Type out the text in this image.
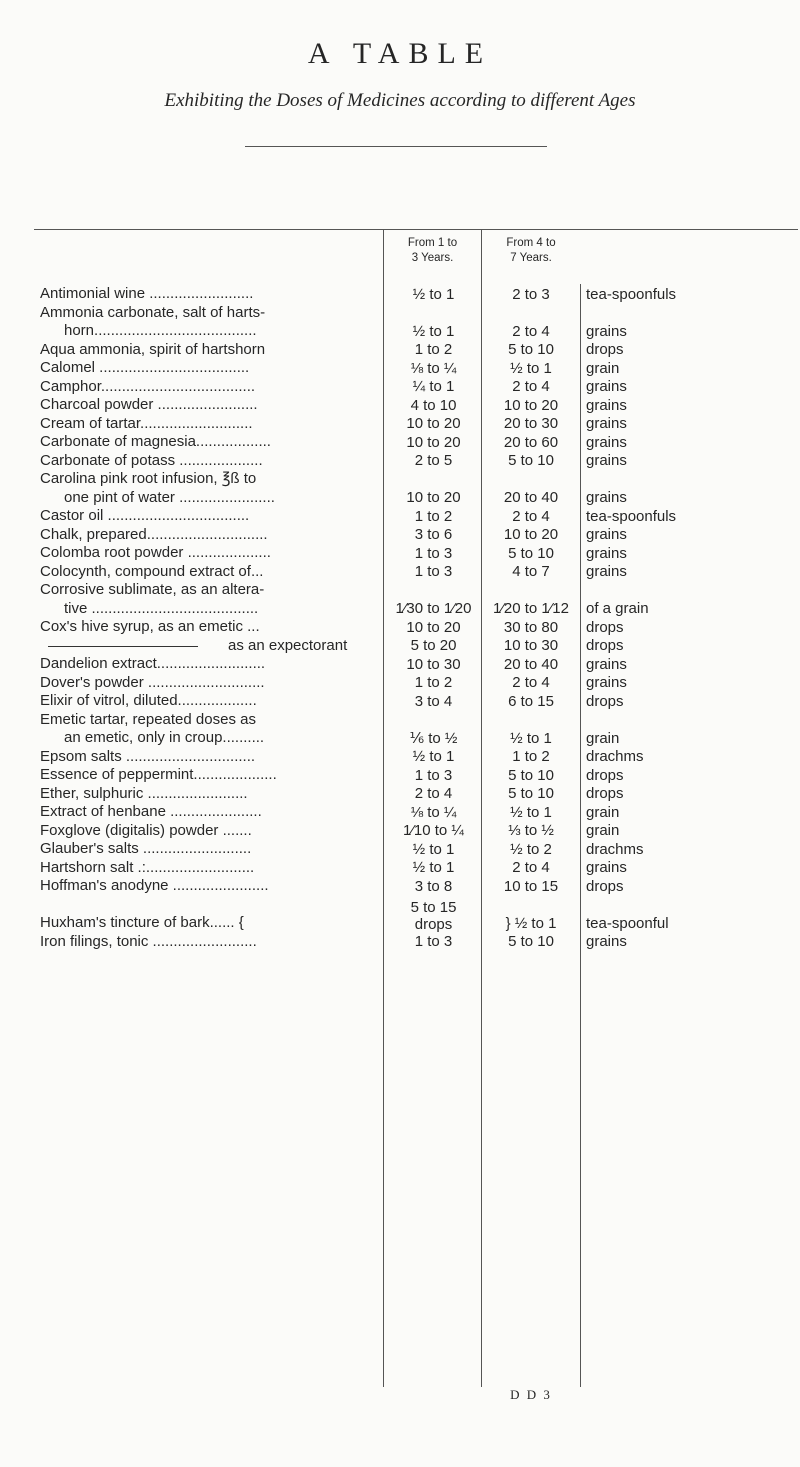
A TABLE
Exhibiting the Doses of Medicines according to different Ages
From 1 to
3 Years.
From 4 to
7 Years.
Antimonial wine .........................	½ to 1	2 to 3	tea-spoonfuls
Ammonia carbonate, salt of harts-
horn.......................................	½ to 1	2 to 4	grains
Aqua ammonia, spirit of hartshorn	1 to 2	5 to 10	drops
Calomel ....................................	⅛ to ¼	½ to 1	grain
Camphor.....................................	¼ to 1	2 to 4	grains
Charcoal powder ........................	4 to 10	10 to 20	grains
Cream of tartar...........................	10 to 20	20 to 30	grains
Carbonate of magnesia..................	10 to 20	20 to 60	grains
Carbonate of potass ....................	2 to 5	5 to 10	grains
Carolina pink root infusion, ℥ß to
one pint of water .......................	10 to 20	20 to 40	grains
Castor oil ..................................	1 to 2	2 to 4	tea-spoonfuls
Chalk, prepared.............................	3 to 6	10 to 20	grains
Colomba root powder ....................	1 to 3	5 to 10	grains
Colocynth, compound extract of...	1 to 3	4 to 7	grains
Corrosive sublimate, as an altera-
tive ........................................	1⁄30 to 1⁄20	1⁄20 to 1⁄12	of a grain
Cox's hive syrup, as an emetic ...	10 to 20	30 to 80	drops
as an expectorant	5 to 20	10 to 30	drops
Dandelion extract..........................	10 to 30	20 to 40	grains
Dover's powder ............................	1 to 2	2 to 4	grains
Elixir of vitrol, diluted...................	3 to 4	6 to 15	drops
Emetic tartar, repeated doses as
an emetic, only in croup..........	⅙ to ½	½ to 1	grain
Epsom salts ...............................	½ to 1	1 to 2	drachms
Essence of peppermint....................	1 to 3	5 to 10	drops
Ether, sulphuric ........................	2 to 4	5 to 10	drops
Extract of henbane ......................	⅛ to ¼	½ to 1	grain
Foxglove (digitalis) powder .......	1⁄10 to ¼	⅓ to ½	grain
Glauber's salts ..........................	½ to 1	½ to 2	drachms
Hartshorn salt .:..........................	½ to 1	2 to 4	grains
Hoffman's anodyne .......................	3 to 8	10 to 15	drops
Huxham's tincture of bark...... {
5 to 15
drops	} ½ to 1	tea-spoonful
Iron filings, tonic .........................	1 to 3	5 to 10	grains
D D 3
